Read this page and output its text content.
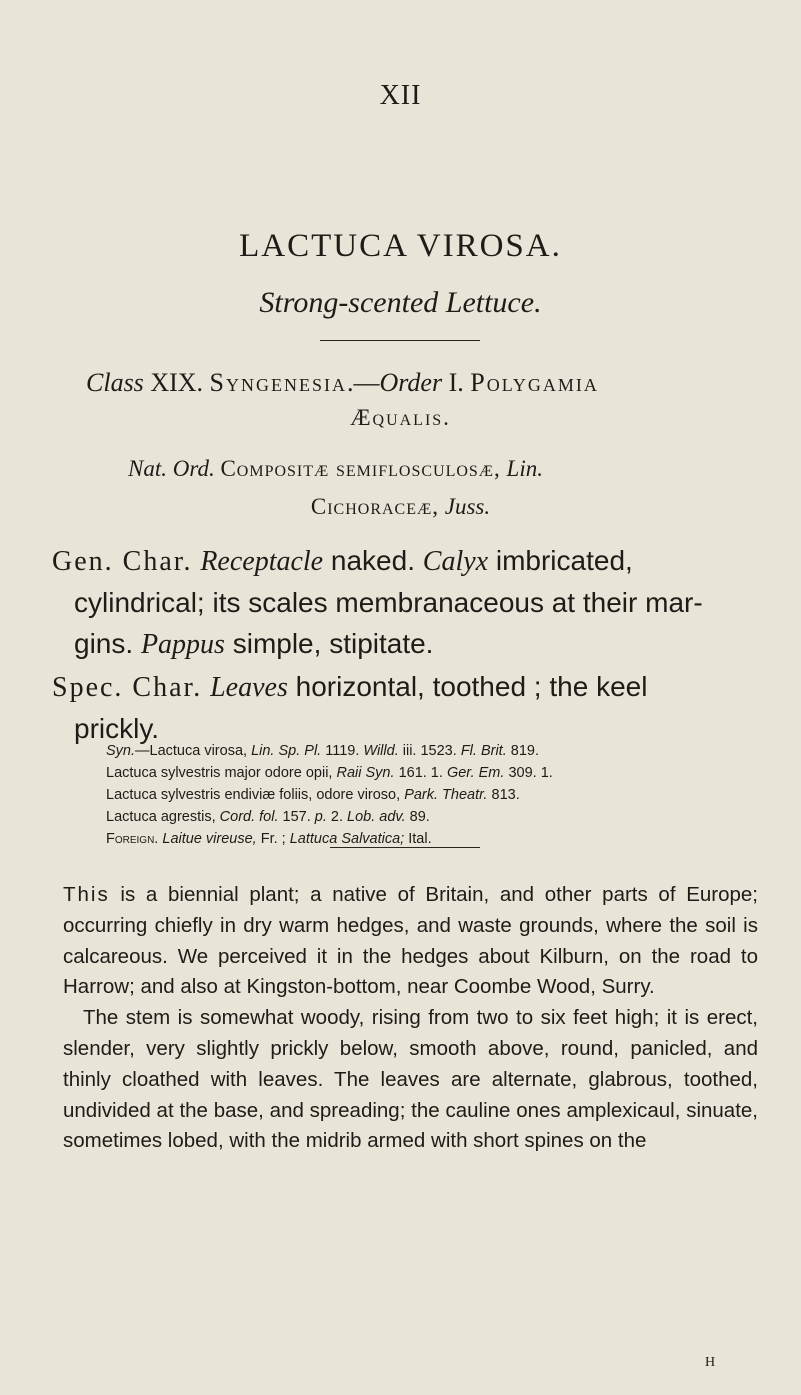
XII
LACTUCA VIROSA.
Strong-scented Lettuce.
Class XIX. Syngenesia.—Order I. Polygamia
Æqualis.
Nat. Ord. Compositæ semiflosculosæ, Lin.
Cichoraceæ, Juss.
Gen. Char. Receptacle naked. Calyx imbricated,
cylindrical; its scales membranaceous at their mar-
gins. Pappus simple, stipitate.
Spec. Char. Leaves horizontal, toothed ; the keel
prickly.
Syn.—Lactuca virosa, Lin. Sp. Pl. 1119. Willd. iii. 1523. Fl. Brit. 819.
Lactuca sylvestris major odore opii, Raii Syn. 161. 1. Ger. Em. 309. 1.
Lactuca sylvestris endiviæ foliis, odore viroso, Park. Theatr. 813.
Lactuca agrestis, Cord. fol. 157. p. 2. Lob. adv. 89.
Foreign. Laitue vireuse, Fr. ; Lattuca Salvatica; Ital.

This is a biennial plant; a native of Britain, and other parts of Europe; occurring chiefly in dry warm hedges, and waste grounds, where the soil is calcareous. We perceived it in the hedges about Kilburn, on the road to Harrow; and also at Kingston-bottom, near Coombe Wood, Surry.

The stem is somewhat woody, rising from two to six feet high; it is erect, slender, very slightly prickly below, smooth above, round, panicled, and thinly cloathed with leaves. The leaves are alternate, glabrous, toothed, undivided at the base, and spreading; the cauline ones amplexicaul, sinuate, sometimes lobed, with the midrib armed with short spines on the

H
